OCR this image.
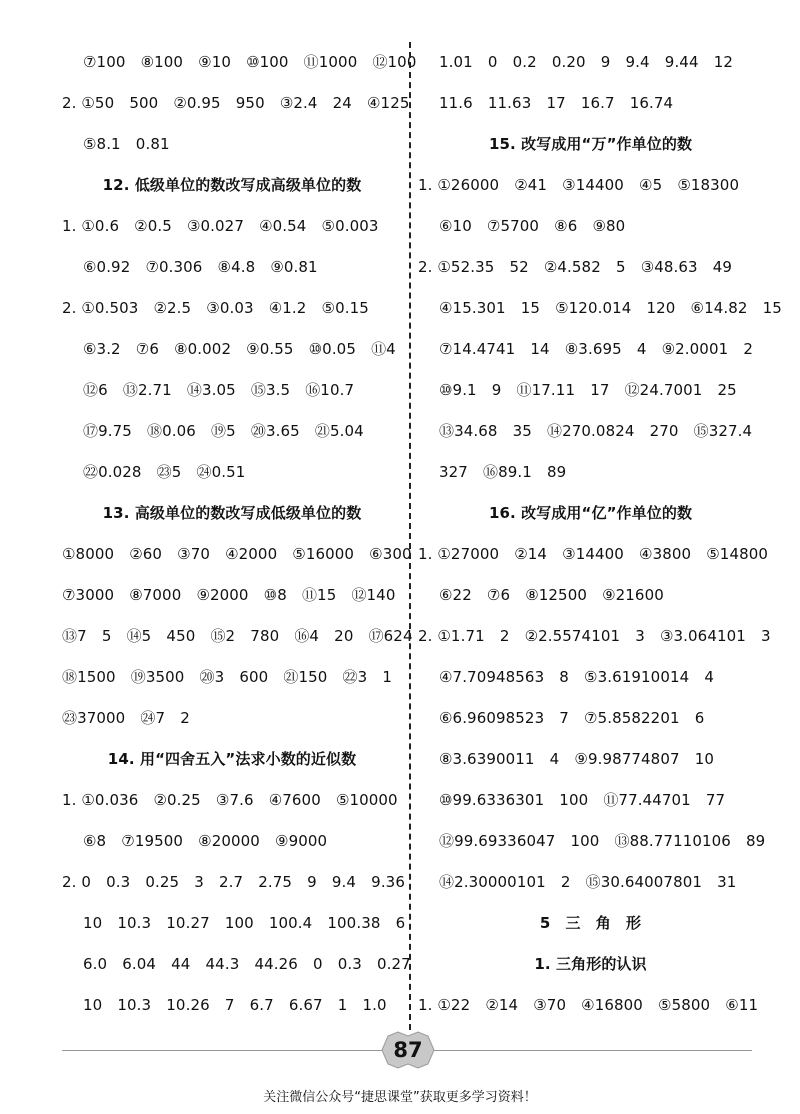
⑦100　⑧100　⑨10　⑩100　⑪1000　⑫100
2. ①50　500　②0.95　950　③2.4　24　④125
⑤8.1　0.81
12. 低级单位的数改写成高级单位的数
1. ①0.6　②0.5　③0.027　④0.54　⑤0.003
⑥0.92　⑦0.306　⑧4.8　⑨0.81
2. ①0.503　②2.5　③0.03　④1.2　⑤0.15
⑥3.2　⑦6　⑧0.002　⑨0.55　⑩0.05　⑪4
⑫6　⑬2.71　⑭3.05　⑮3.5　⑯10.7
⑰9.75　⑱0.06　⑲5　⑳3.65　㉑5.04
㉒0.028　㉓5　㉔0.51
13. 高级单位的数改写成低级单位的数
①8000　②60　③70　④2000　⑤16000　⑥300
⑦3000　⑧7000　⑨2000　⑩8　⑪15　⑫140
⑬7　5　⑭5　450　⑮2　780　⑯4　20　⑰624
⑱1500　⑲3500　⑳3　600　㉑150　㉒3　1
㉓37000　㉔7　2
14. 用“四舍五入”法求小数的近似数
1. ①0.036　②0.25　③7.6　④7600　⑤10000
⑥8　⑦19500　⑧20000　⑨9000
2. 0　0.3　0.25　3　2.7　2.75　9　9.4　9.36
10　10.3　10.27　100　100.4　100.38　6
6.0　6.04　44　44.3　44.26　0　0.3　0.27
10　10.3　10.26　7　6.7　6.67　1　1.0
1.01　0　0.2　0.20　9　9.4　9.44　12
11.6　11.63　17　16.7　16.74
15. 改写成用“万”作单位的数
1. ①26000　②41　③14400　④5　⑤18300
⑥10　⑦5700　⑧6　⑨80
2. ①52.35　52　②4.582　5　③48.63　49
④15.301　15　⑤120.014　120　⑥14.82　15
⑦14.4741　14　⑧3.695　4　⑨2.0001　2
⑩9.1　9　⑪17.11　17　⑫24.7001　25
⑬34.68　35　⑭270.0824　270　⑮327.4
327　⑯89.1　89
16. 改写成用“亿”作单位的数
1. ①27000　②14　③14400　④3800　⑤14800
⑥22　⑦6　⑧12500　⑨21600
2. ①1.71　2　②2.5574101　3　③3.064101　3
④7.70948563　8　⑤3.61910014　4
⑥6.96098523　7　⑦5.8582201　6
⑧3.6390011　4　⑨9.98774807　10
⑩99.6336301　100　⑪77.44701　77
⑫99.69336047　100　⑬88.77110106　89
⑭2.30000101　2　⑮30.64007801　31
5　三　角　形
1. 三角形的认识
1. ①22　②14　③70　④16800　⑤5800　⑥11
87
关注微信公众号“捷思课堂”获取更多学习资料！
